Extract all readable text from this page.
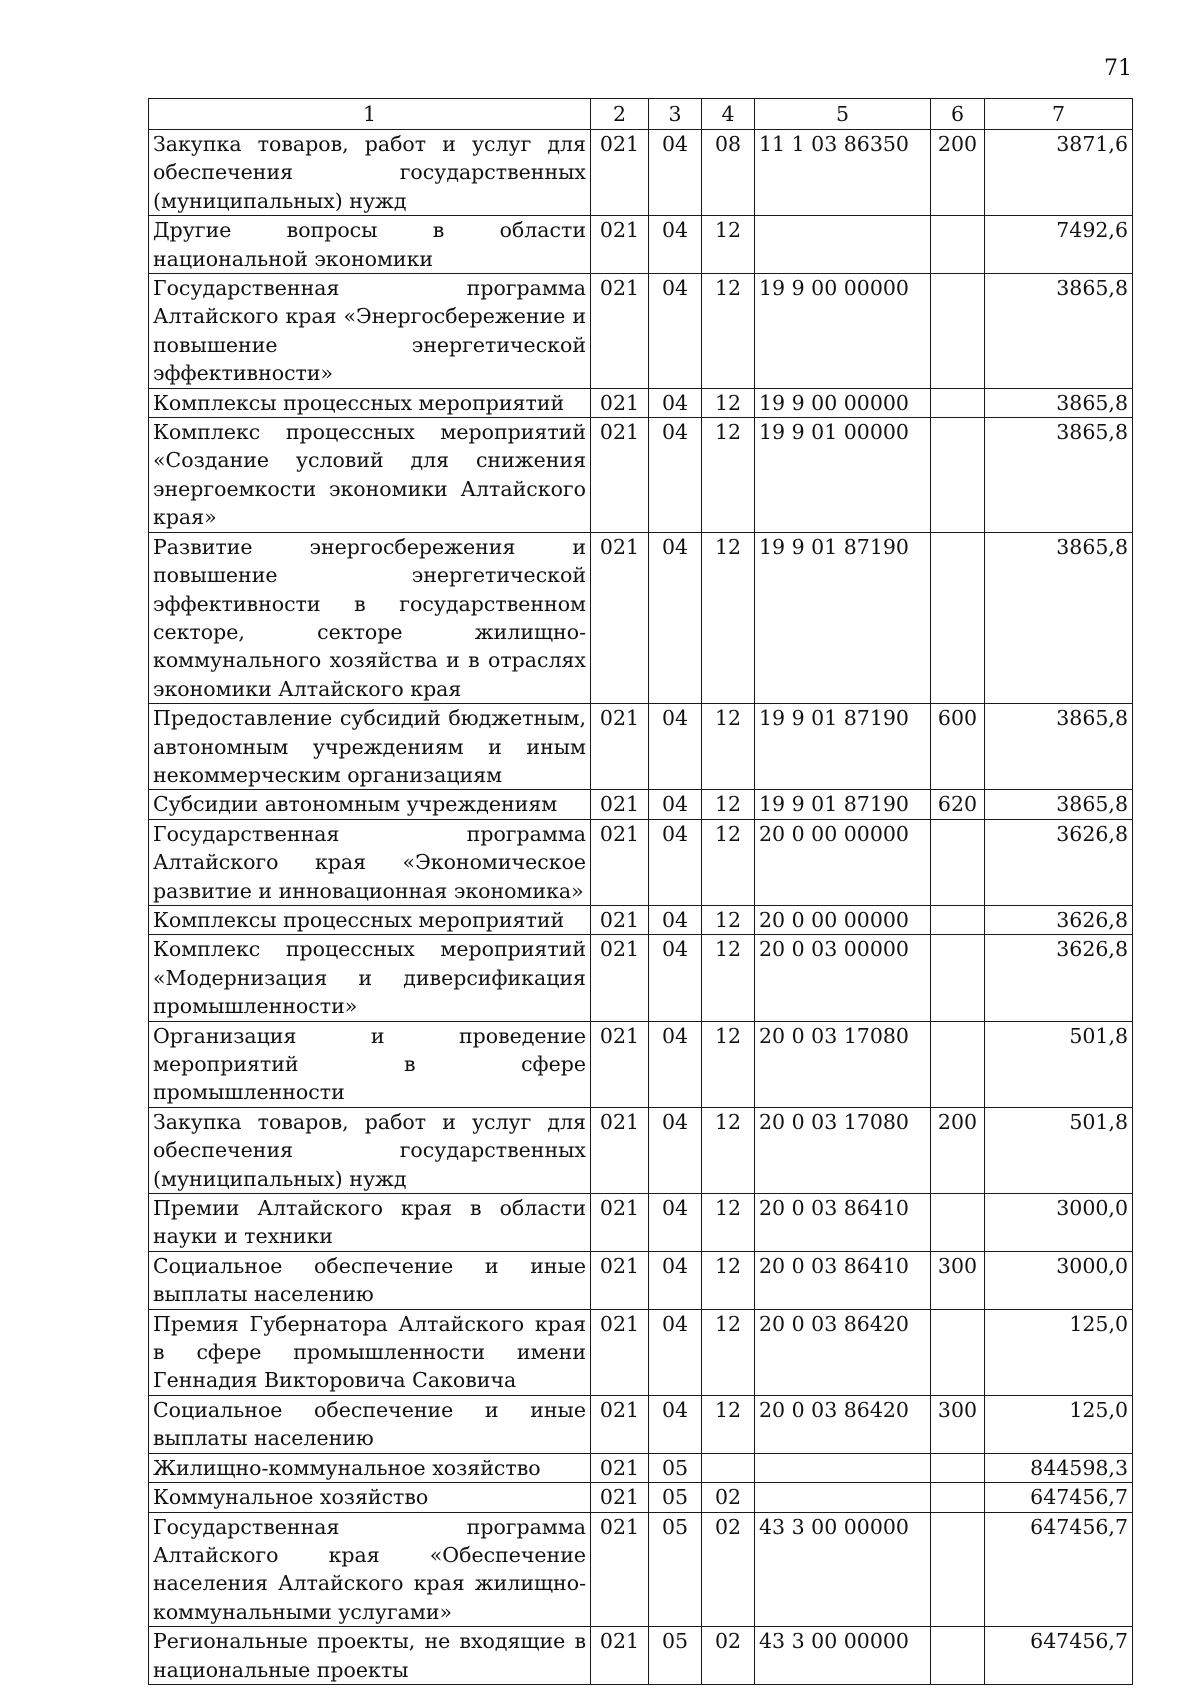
71
1	2	3	4	5	6	7
Закупка товаров, работ и услуг для обеспечения государственных (муниципальных) нужд	021	04	08	11 1 03 86350	200	3871,6
Другие вопросы в области национальной экономики	021	04	12			7492,6
Государственная программа Алтайского края «Энергосбережение и повышение энергетической эффективности»	021	04	12	19 9 00 00000		3865,8
Комплексы процессных мероприятий	021	04	12	19 9 00 00000		3865,8
Комплекс процессных мероприятий «Создание условий для снижения энергоемкости экономики Алтайского края»	021	04	12	19 9 01 00000		3865,8
Развитие энергосбережения и повышение энергетической эффективности в государственном секторе, секторе жилищно-коммунального хозяйства и в отраслях экономики Алтайского края	021	04	12	19 9 01 87190		3865,8
Предоставление субсидий бюджетным, автономным учреждениям и иным некоммерческим организациям	021	04	12	19 9 01 87190	600	3865,8
Субсидии автономным учреждениям	021	04	12	19 9 01 87190	620	3865,8
Государственная программа Алтайского края «Экономическое развитие и инновационная экономика»	021	04	12	20 0 00 00000		3626,8
Комплексы процессных мероприятий	021	04	12	20 0 00 00000		3626,8
Комплекс процессных мероприятий «Модернизация и диверсификация промышленности»	021	04	12	20 0 03 00000		3626,8
Организация и проведение мероприятий в сфере промышленности	021	04	12	20 0 03 17080		501,8
Закупка товаров, работ и услуг для обеспечения государственных (муниципальных) нужд	021	04	12	20 0 03 17080	200	501,8
Премии Алтайского края в области науки и техники	021	04	12	20 0 03 86410		3000,0
Социальное обеспечение и иные выплаты населению	021	04	12	20 0 03 86410	300	3000,0
Премия Губернатора Алтайского края в сфере промышленности имени Геннадия Викторовича Саковича	021	04	12	20 0 03 86420		125,0
Социальное обеспечение и иные выплаты населению	021	04	12	20 0 03 86420	300	125,0
Жилищно-коммунальное хозяйство	021	05				844598,3
Коммунальное хозяйство	021	05	02			647456,7
Государственная программа Алтайского края «Обеспечение населения Алтайского края жилищно-коммунальными услугами»	021	05	02	43 3 00 00000		647456,7
Региональные проекты, не входящие в национальные проекты	021	05	02	43 3 00 00000		647456,7
